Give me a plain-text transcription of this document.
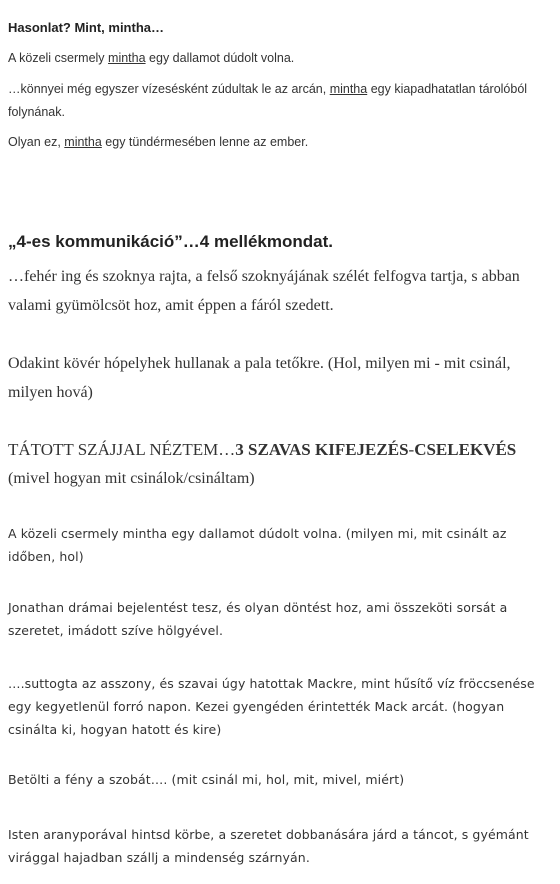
Hasonlat? Mint, mintha…

A közeli csermely mintha egy dallamot dúdolt volna.

…könnyei még egyszer vízesésként zúdultak le az arcán, mintha egy kiapadhatatlan tárolóból folynának.

Olyan ez, mintha egy tündérmesében lenne az ember.

„4-es kommunikáció”…4 mellékmondat.

…fehér ing és szoknya rajta, a felső szoknyájának szélét felfogva tartja, s abban valami gyümölcsöt hoz, amit éppen a fáról szedett.

Odakint kövér hópelyhek hullanak a pala tetőkre. (Hol, milyen mi - mit csinál, milyen hová)

TÁTOTT SZÁJJAL NÉZTEM…3 SZAVAS KIFEJEZÉS-CSELEKVÉS
(mivel hogyan mit csinálok/csináltam)

A közeli csermely mintha egy dallamot dúdolt volna. (milyen mi, mit csinált az időben, hol)

Jonathan drámai bejelentést tesz, és olyan döntést hoz, ami összeköti sorsát a szeretet, imádott szíve hölgyével.

….suttogta az asszony, és szavai úgy hatottak Mackre, mint hűsítő víz fröccsenése egy kegyetlenül forró napon. Kezei gyengéden érintették Mack arcát. (hogyan csinálta ki, hogyan hatott és kire)

Betölti a fény a szobát…. (mit csinál mi, hol, mit, mivel, miért)

Isten aranyporával hintsd körbe, a szeretet dobbanására járd a táncot, s gyémánt virággal hajadban szállj a mindenség szárnyán.
